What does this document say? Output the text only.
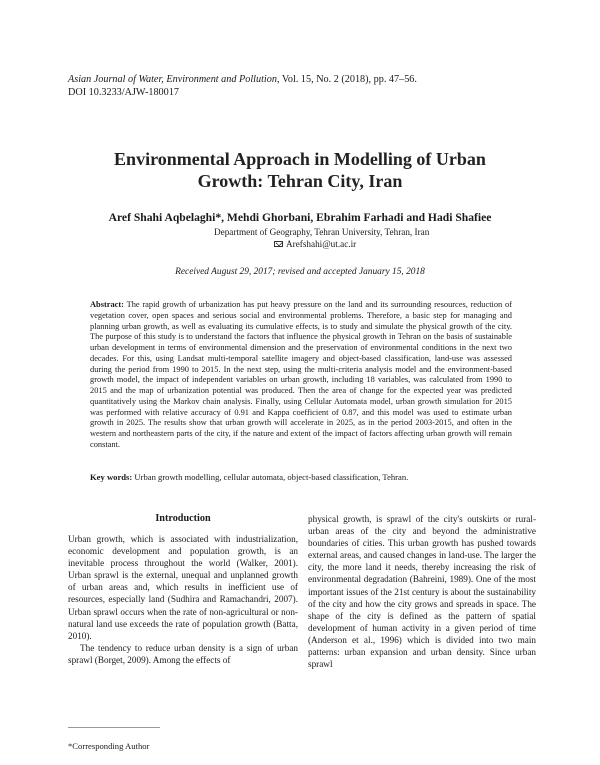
Asian Journal of Water, Environment and Pollution, Vol. 15, No. 2 (2018), pp. 47–56.
DOI 10.3233/AJW-180017
Environmental Approach in Modelling of Urban
Growth: Tehran City, Iran
Aref Shahi Aqbelaghi*, Mehdi Ghorbani, Ebrahim Farhadi and Hadi Shafiee
Department of Geography, Tehran University, Tehran, Iran
Arefshahi@ut.ac.ir
Received August 29, 2017; revised and accepted January 15, 2018
Abstract: The rapid growth of urbanization has put heavy pressure on the land and its surrounding resources, reduction of vegetation cover, open spaces and serious social and environmental problems. Therefore, a basic step for managing and planning urban growth, as well as evaluating its cumulative effects, is to study and simulate the physical growth of the city. The purpose of this study is to understand the factors that influence the physical growth in Tehran on the basis of sustainable urban development in terms of environmental dimension and the preservation of environmental conditions in the next two decades. For this, using Landsat multi-temporal satellite imagery and object-based classification, land-use was assessed during the period from 1990 to 2015. In the next step, using the multi-criteria analysis model and the environment-based growth model, the impact of independent variables on urban growth, including 18 variables, was calculated from 1990 to 2015 and the map of urbanization potential was produced. Then the area of change for the expected year was predicted quantitatively using the Markov chain analysis. Finally, using Cellular Automata model, urban growth simulation for 2015 was performed with relative accuracy of 0.91 and Kappa coefficient of 0.87, and this model was used to estimate urban growth in 2025. The results show that urban growth will accelerate in 2025, as in the period 2003-2015, and often in the western and northeastern parts of the city, if the nature and extent of the impact of factors affecting urban growth will remain constant.
Key words: Urban growth modelling, cellular automata, object-based classification, Tehran.
Introduction

Urban growth, which is associated with industrialization, economic development and population growth, is an inevitable process throughout the world (Walker, 2001). Urban sprawl is the external, unequal and unplanned growth of urban areas and, which results in inefficient use of resources, especially land (Sudhira and Ramachandri, 2007). Urban sprawl occurs when the rate of non-agricultural or non-natural land use exceeds the rate of population growth (Batta, 2010).

The tendency to reduce urban density is a sign of urban sprawl (Borget, 2009). Among the effects of

physical growth, is sprawl of the city's outskirts or rural-urban areas of the city and beyond the administrative boundaries of cities. This urban growth has pushed towards external areas, and caused changes in land-use. The larger the city, the more land it needs, thereby increasing the risk of environmental degradation (Bahreini, 1989). One of the most important issues of the 21st century is about the sustainability of the city and how the city grows and spreads in space. The shape of the city is defined as the pattern of spatial development of human activity in a given period of time (Anderson et al., 1996) which is divided into two main patterns: urban expansion and urban density. Since urban sprawl

*Corresponding Author
